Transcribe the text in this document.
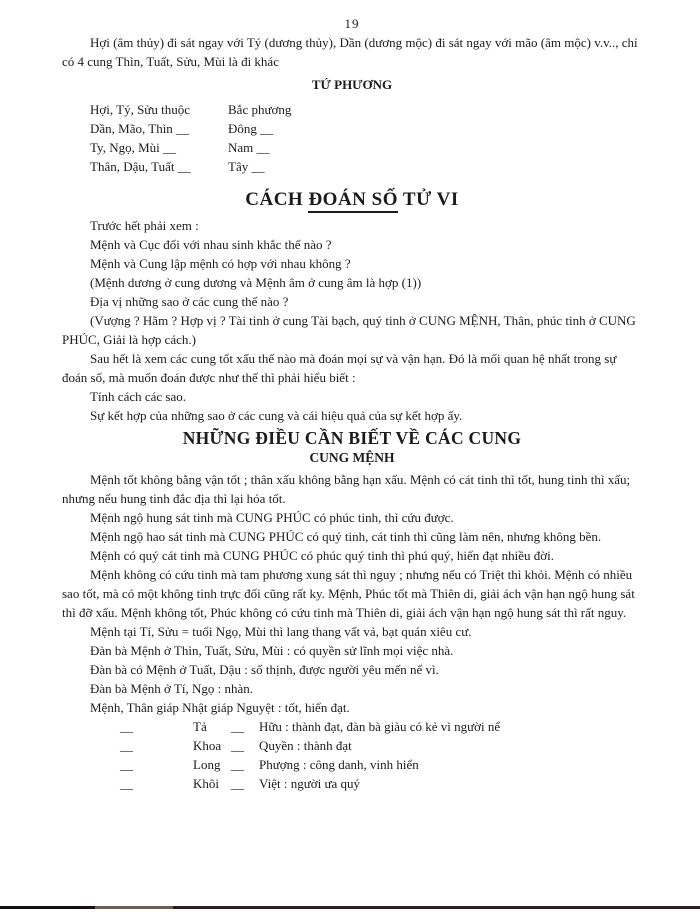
19

Hợi (âm thủy) đi sát ngay với Tý (dương thủy), Dần (dương mộc) đi sát ngay với mão (âm mộc) v.v.., chỉ có 4 cung Thìn, Tuất, Sửu, Mùi là đi khác

TỨ PHƯƠNG
Hợi, Tý, Sửu thuộc	Bắc phương
Dần, Mão, Thìn __	Đông __
Ty, Ngọ, Mùi __	Nam __
Thân, Dậu, Tuất __	Tây __
CÁCH ĐOÁN SỐ TỬ VI

Trước hết phải xem :

Mệnh và Cục đối với nhau sinh khắc thế nào ?

Mệnh và Cung lập mệnh có hợp với nhau không ?

(Mệnh dương ở cung dương và Mệnh âm ở cung âm là hợp (1))

Địa vị những sao ở các cung thế nào ?

(Vượng ? Hãm ? Hợp vị ? Tài tinh ở cung Tài bạch, quý tinh ở CUNG MỆNH, Thân, phúc tinh ở CUNG PHÚC, Giải là hợp cách.)

Sau hết là xem các cung tốt xấu thế nào mà đoán mọi sự và vận hạn. Đó là mối quan hệ nhất trong sự đoán số, mà muốn đoán được như thế thì phải hiểu biết :

Tính cách các sao.

Sự kết hợp của những sao ở các cung và cái hiệu quả của sự kết hợp ấy.

NHỮNG ĐIỀU CẦN BIẾT VỀ CÁC CUNG
CUNG MỆNH

Mệnh tốt không bằng vận tốt ; thân xấu không bằng hạn xấu. Mệnh có cát tinh thì tốt, hung tinh thì xấu; nhưng nếu hung tinh đắc địa thì lại hóa tốt.

Mệnh ngộ hung sát tinh mà CUNG PHÚC có phúc tinh, thì cứu được.

Mệnh ngộ hao sát tinh mà CUNG PHÚC có quý tinh, cát tinh thì cũng làm nên, nhưng không bền.

Mệnh có quý cát tinh mà CUNG PHÚC có phúc quý tinh thì phú quý, hiển đạt nhiều đời.

Mệnh không có cứu tinh mà tam phương xung sát thì nguy ; nhưng nếu có Triệt thì khỏi. Mệnh có nhiều sao tốt, mà có một không tinh trực đối cũng rất ky. Mệnh, Phúc tốt mà Thiên di, giải ách vận hạn ngộ hung sát thì đỡ xấu. Mệnh không tốt, Phúc không có cứu tinh mà Thiên di, giải ách vận hạn ngộ hung sát thì rất nguy.

Mệnh tại Tí, Sửu = tuổi Ngọ, Mùi thì lang thang vất vả, bạt quán xiêu cư.

Đàn bà Mệnh ở Thìn, Tuất, Sửu, Mùi : có quyền sử lĩnh mọi việc nhà.

Đàn bà có Mệnh ở Tuất, Dậu : số thịnh, được người yêu mến nể vì.

Đàn bà Mệnh ở Tí, Ngọ : nhàn.

Mệnh, Thân giáp Nhật giáp Nguyệt : tốt, hiển đạt.

__	Tả	__	Hữu : thành đạt, đàn bà giàu có kẻ vì người nể
__	Khoa __	Quyền : thành đạt
__	Long __	Phượng : công danh, vinh hiển
__	Khôi __	Việt : người ưa quý
